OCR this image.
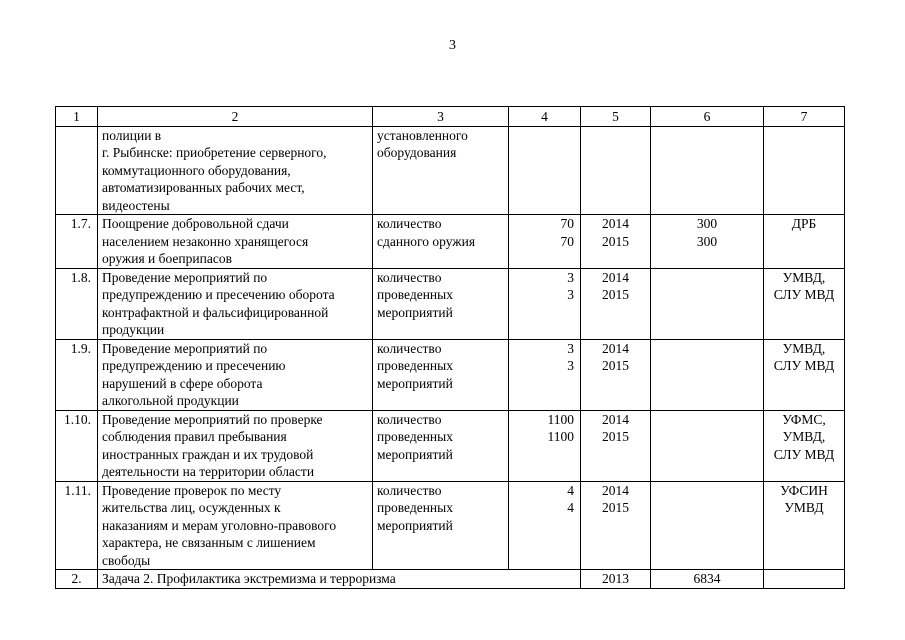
3
1	2	3	4	5	6	7

	полиции в
г. Рыбинске: приобретение серверного,
коммутационного оборудования,
автоматизированных рабочих мест,
видеостены	установленного
оборудования				

1.7.	Поощрение добровольной сдачи
населением незаконно хранящегося
оружия и боеприпасов	количество
сданного оружия	70
70	2014
2015	300
300	ДРБ

1.8.	Проведение мероприятий по
предупреждению и пресечению оборота
контрафактной и фальсифицированной
продукции	количество
проведенных
мероприятий	3
3	2014
2015		УМВД,
СЛУ МВД

1.9.	Проведение мероприятий по
предупреждению и пресечению
нарушений в сфере оборота
алкогольной продукции	количество
проведенных
мероприятий	3
3	2014
2015		УМВД,
СЛУ МВД

1.10.	Проведение мероприятий по проверке
соблюдения правил пребывания
иностранных граждан и их трудовой
деятельности на территории области	количество
проведенных
мероприятий	1100
1100	2014
2015		УФМС,
УМВД,
СЛУ МВД

1.11.	Проведение проверок по месту
жительства лиц, осужденных к
наказаниям и мерам уголовно-правового
характера, не связанным с лишением
свободы	количество
проведенных
мероприятий	4
4	2014
2015		УФСИН
УМВД

2.	Задача 2. Профилактика экстремизма и терроризма			2013	6834	
